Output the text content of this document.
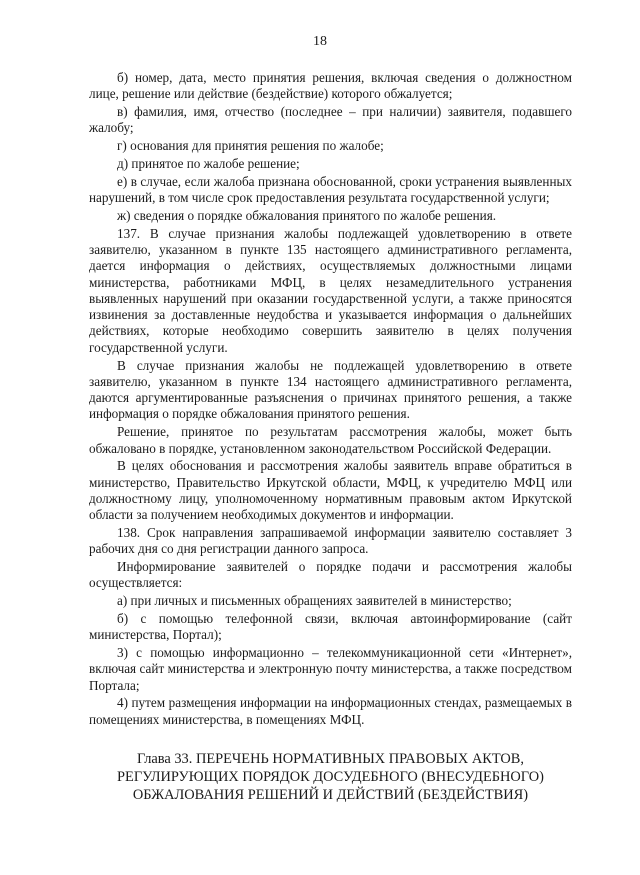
18

б) номер, дата, место принятия решения, включая сведения о должностном лице, решение или действие (бездействие) которого обжалуется;

в) фамилия, имя, отчество (последнее – при наличии) заявителя, подавшего жалобу;

г) основания для принятия решения по жалобе;

д) принятое по жалобе решение;

е) в случае, если жалоба признана обоснованной, сроки устранения выявленных нарушений, в том числе срок предоставления результата государственной услуги;

ж) сведения о порядке обжалования принятого по жалобе решения.

137. В случае признания жалобы подлежащей удовлетворению в ответе заявителю, указанном в пункте 135 настоящего административного регламента, дается информация о действиях, осуществляемых должностными лицами министерства, работниками МФЦ, в целях незамедлительного устранения выявленных нарушений при оказании государственной услуги, а также приносятся извинения за доставленные неудобства и указывается информация о дальнейших действиях, которые необходимо совершить заявителю в целях получения государственной услуги.

В случае признания жалобы не подлежащей удовлетворению в ответе заявителю, указанном в пункте 134 настоящего административного регламента, даются аргументированные разъяснения о причинах принятого решения, а также информация о порядке обжалования принятого решения.

Решение, принятое по результатам рассмотрения жалобы, может быть обжаловано в порядке, установленном законодательством Российской Федерации.

В целях обоснования и рассмотрения жалобы заявитель вправе обратиться в министерство, Правительство Иркутской области, МФЦ, к учредителю МФЦ или должностному лицу, уполномоченному нормативным правовым актом Иркутской области за получением необходимых документов и информации.

138. Срок направления запрашиваемой информации заявителю составляет 3 рабочих дня со дня регистрации данного запроса.

Информирование заявителей о порядке подачи и рассмотрения жалобы осуществляется:

а) при личных и письменных обращениях заявителей в министерство;

б) с помощью телефонной связи, включая автоинформирование (сайт министерства, Портал);

3) с помощью информационно – телекоммуникационной сети «Интернет», включая сайт министерства и электронную почту министерства, а также посредством Портала;

4) путем размещения информации на информационных стендах, размещаемых в помещениях министерства, в помещениях МФЦ.

Глава 33. ПЕРЕЧЕНЬ НОРМАТИВНЫХ ПРАВОВЫХ АКТОВ,
РЕГУЛИРУЮЩИХ ПОРЯДОК ДОСУДЕБНОГО (ВНЕСУДЕБНОГО)
ОБЖАЛОВАНИЯ РЕШЕНИЙ И ДЕЙСТВИЙ (БЕЗДЕЙСТВИЯ)
